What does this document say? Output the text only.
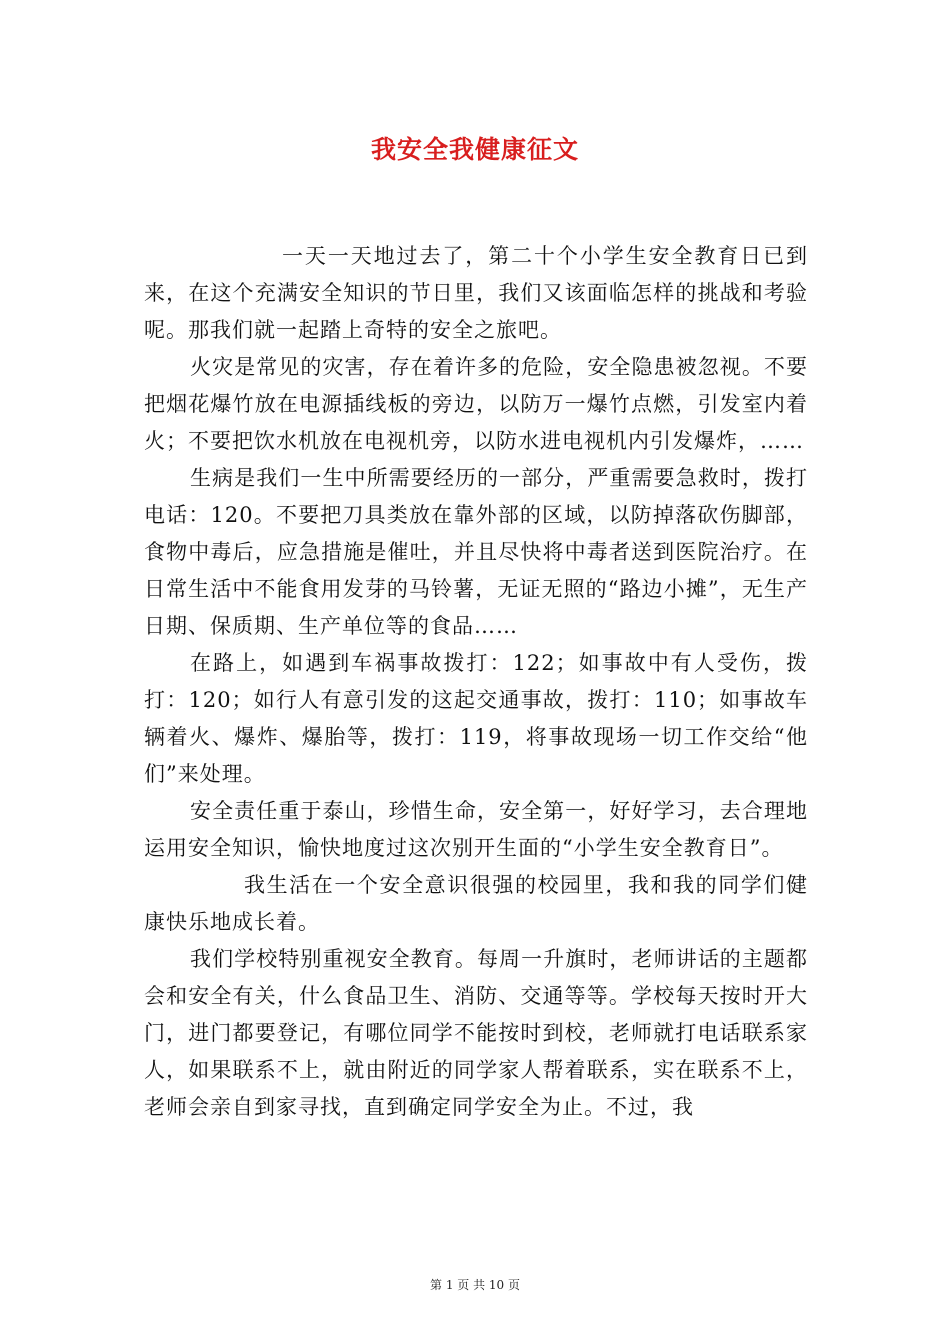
我安全我健康征文

一天一天地过去了，第二十个小学生安全教育日已到来，在这个充满安全知识的节日里，我们又该面临怎样的挑战和考验呢。那我们就一起踏上奇特的安全之旅吧。

火灾是常见的灾害，存在着许多的危险，安全隐患被忽视。不要把烟花爆竹放在电源插线板的旁边，以防万一爆竹点燃，引发室内着火；不要把饮水机放在电视机旁，以防水进电视机内引发爆炸，……

生病是我们一生中所需要经历的一部分，严重需要急救时，拨打电话：120。不要把刀具类放在靠外部的区域，以防掉落砍伤脚部，食物中毒后，应急措施是催吐，并且尽快将中毒者送到医院治疗。在日常生活中不能食用发芽的马铃薯，无证无照的“路边小摊”，无生产日期、保质期、生产单位等的食品……

在路上，如遇到车祸事故拨打：122；如事故中有人受伤，拨打：120；如行人有意引发的这起交通事故，拨打：110；如事故车辆着火、爆炸、爆胎等，拨打：119，将事故现场一切工作交给“他们”来处理。

安全责任重于泰山，珍惜生命，安全第一，好好学习，去合理地运用安全知识，愉快地度过这次别开生面的“小学生安全教育日”。

我生活在一个安全意识很强的校园里，我和我的同学们健康快乐地成长着。

我们学校特别重视安全教育。每周一升旗时，老师讲话的主题都会和安全有关，什么食品卫生、消防、交通等等。学校每天按时开大门，进门都要登记，有哪位同学不能按时到校，老师就打电话联系家人，如果联系不上，就由附近的同学家人帮着联系，实在联系不上，老师会亲自到家寻找，直到确定同学安全为止。不过，我

第 1 页 共 10 页
